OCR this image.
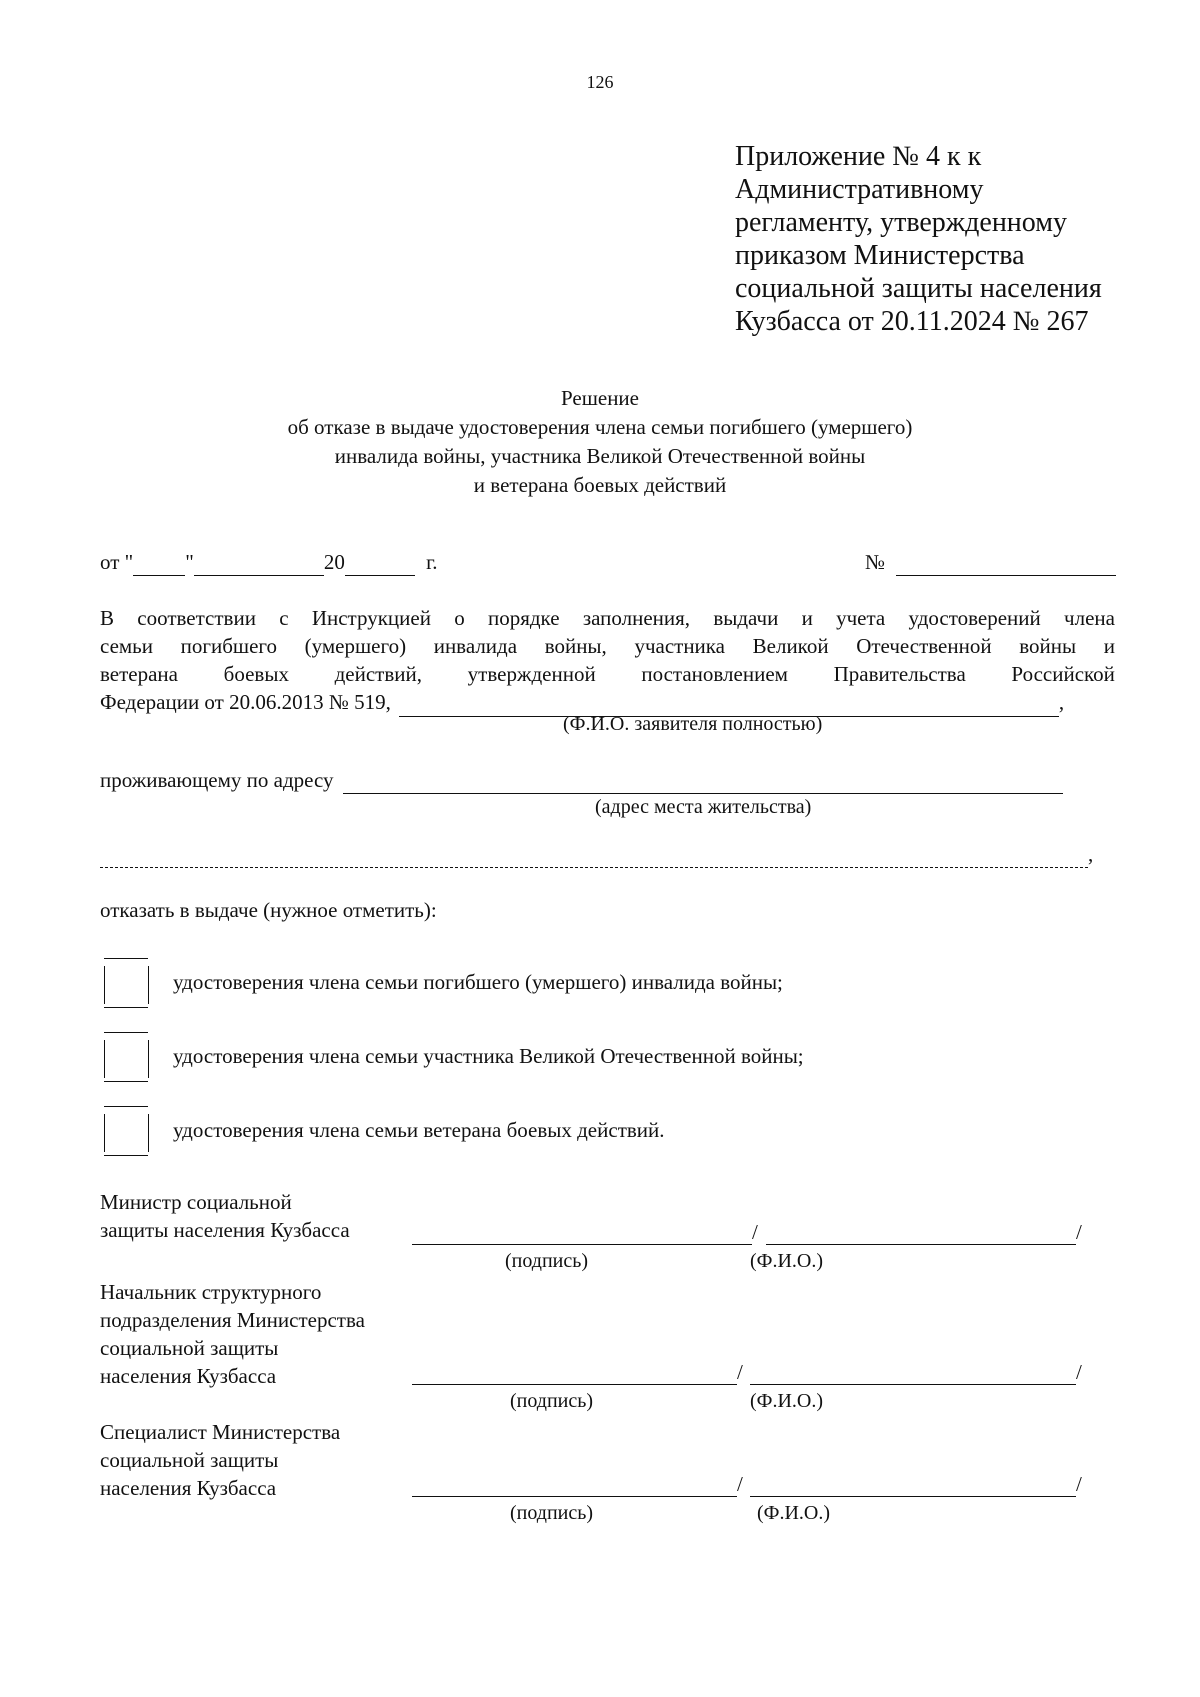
126
Приложение № 4 к к
Административному
регламенту, утвержденному
приказом Министерства
социальной защиты населения
Кузбасса от 20.11.2024 № 267
Решение
об отказе в выдаче удостоверения члена семьи погибшего (умершего)
инвалида войны, участника Великой Отечественной войны
и ветерана боевых действий
от " "	20	г.	№
В соответствии с Инструкцией о порядке заполнения, выдачи и учета удостоверений члена
семьи погибшего (умершего) инвалида войны, участника Великой Отечественной войны и
ветерана боевых действий, утвержденной постановлением Правительства Российской
Федерации от 20.06.2013 № 519,
	,
(Ф.И.О. заявителя полностью)
проживающему по адресу
(адрес места жительства)
,
отказать в выдаче (нужное отметить):
удостоверения члена семьи погибшего (умершего) инвалида войны;
удостоверения члена семьи участника Великой Отечественной войны;
удостоверения члена семьи ветерана боевых действий.
Министр социальной
защиты населения Кузбасса	/	/
(подпись)	(Ф.И.О.)
Начальник структурного
подразделения Министерства
социальной защиты
населения Кузбасса	/	/
(подпись)	(Ф.И.О.)
Специалист Министерства
социальной защиты
населения Кузбасса	/	/
(подпись)	(Ф.И.О.)
